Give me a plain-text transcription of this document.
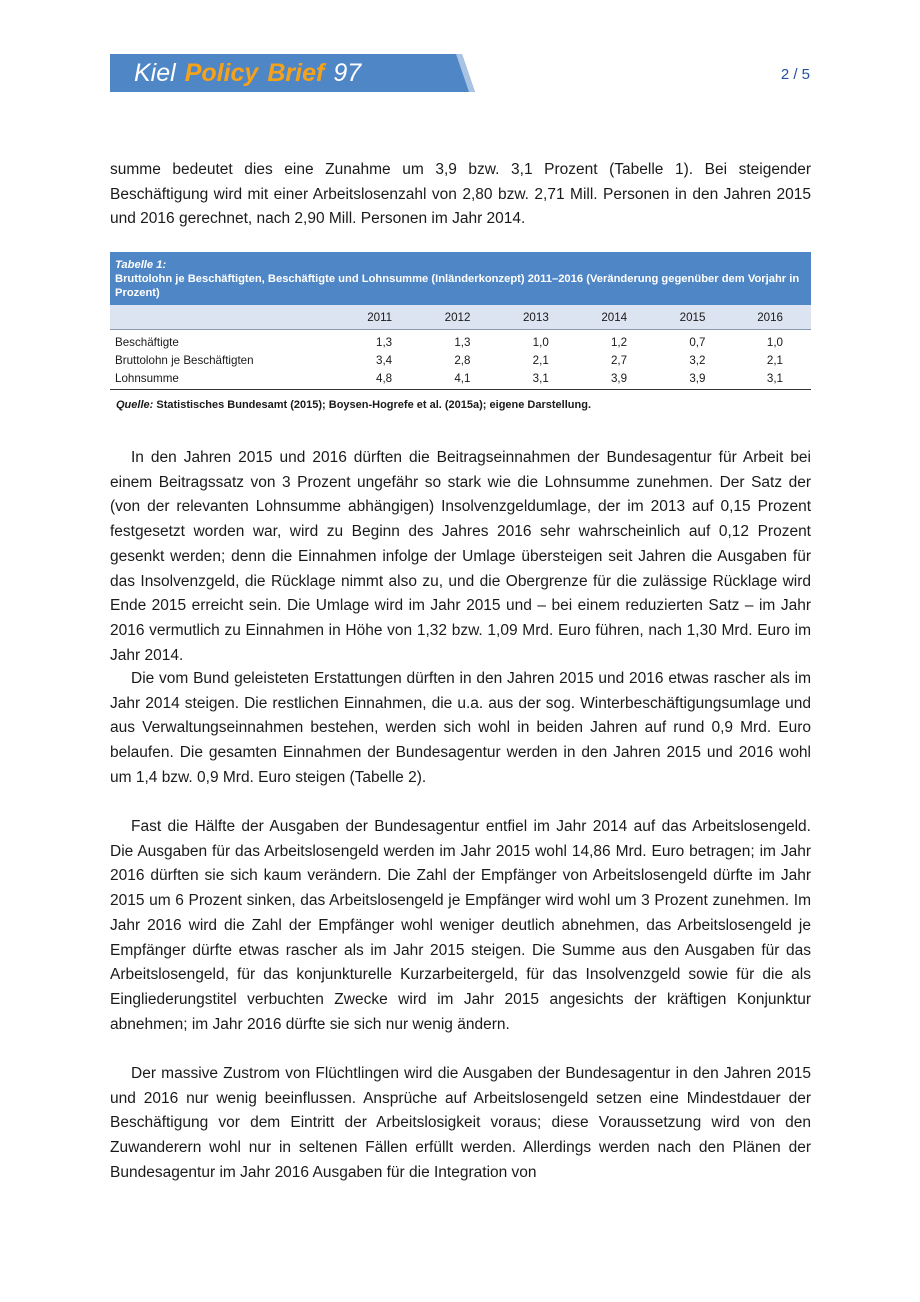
Kiel Policy Brief 97	2 / 5

summe bedeutet dies eine Zunahme um 3,9 bzw. 3,1 Prozent (Tabelle 1). Bei steigender Beschäftigung wird mit einer Arbeitslosenzahl von 2,80 bzw. 2,71 Mill. Personen in den Jahren 2015 und 2016 gerechnet, nach 2,90 Mill. Personen im Jahr 2014.

Tabelle 1:
Bruttolohn je Beschäftigten, Beschäftigte und Lohnsumme (Inländerkonzept) 2011–2016 (Veränderung gegenüber dem Vorjahr in Prozent)
	2011	2012	2013	2014	2015	2016
Beschäftigte	1,3	1,3	1,0	1,2	0,7	1,0
Bruttolohn je Beschäftigten	3,4	2,8	2,1	2,7	3,2	2,1
Lohnsumme	4,8	4,1	3,1	3,9	3,9	3,1
Quelle: Statistisches Bundesamt (2015); Boysen-Hogrefe et al. (2015a); eigene Darstellung.

In den Jahren 2015 und 2016 dürften die Beitragseinnahmen der Bundesagentur für Arbeit bei einem Beitragssatz von 3 Prozent ungefähr so stark wie die Lohnsumme zunehmen. Der Satz der (von der relevanten Lohnsumme abhängigen) Insolvenzgeldumlage, der im 2013 auf 0,15 Prozent festgesetzt worden war, wird zu Beginn des Jahres 2016 sehr wahrscheinlich auf 0,12 Prozent gesenkt werden; denn die Einnahmen infolge der Umlage übersteigen seit Jahren die Ausgaben für das Insolvenzgeld, die Rücklage nimmt also zu, und die Obergrenze für die zulässige Rücklage wird Ende 2015 erreicht sein. Die Umlage wird im Jahr 2015 und – bei einem reduzierten Satz – im Jahr 2016 vermutlich zu Einnahmen in Höhe von 1,32 bzw. 1,09 Mrd. Euro führen, nach 1,30 Mrd. Euro im Jahr 2014.

Die vom Bund geleisteten Erstattungen dürften in den Jahren 2015 und 2016 etwas rascher als im Jahr 2014 steigen. Die restlichen Einnahmen, die u.a. aus der sog. Winterbeschäftigungsumlage und aus Verwaltungseinnahmen bestehen, werden sich wohl in beiden Jahren auf rund 0,9 Mrd. Euro belaufen. Die gesamten Einnahmen der Bundesagentur werden in den Jahren 2015 und 2016 wohl um 1,4 bzw. 0,9 Mrd. Euro steigen (Tabelle 2).

Fast die Hälfte der Ausgaben der Bundesagentur entfiel im Jahr 2014 auf das Arbeitslosengeld. Die Ausgaben für das Arbeitslosengeld werden im Jahr 2015 wohl 14,86 Mrd. Euro betragen; im Jahr 2016 dürften sie sich kaum verändern. Die Zahl der Empfänger von Arbeitslosengeld dürfte im Jahr 2015 um 6 Prozent sinken, das Arbeitslosengeld je Empfänger wird wohl um 3 Prozent zunehmen. Im Jahr 2016 wird die Zahl der Empfänger wohl weniger deutlich abnehmen, das Arbeitslosengeld je Empfänger dürfte etwas rascher als im Jahr 2015 steigen. Die Summe aus den Ausgaben für das Arbeitslosengeld, für das konjunkturelle Kurzarbeitergeld, für das Insolvenzgeld sowie für die als Eingliederungstitel verbuchten Zwecke wird im Jahr 2015 angesichts der kräftigen Konjunktur abnehmen; im Jahr 2016 dürfte sie sich nur wenig ändern.

Der massive Zustrom von Flüchtlingen wird die Ausgaben der Bundesagentur in den Jahren 2015 und 2016 nur wenig beeinflussen. Ansprüche auf Arbeitslosengeld setzen eine Mindestdauer der Beschäftigung vor dem Eintritt der Arbeitslosigkeit voraus; diese Voraussetzung wird von den Zuwanderern wohl nur in seltenen Fällen erfüllt werden. Allerdings werden nach den Plänen der Bundesagentur im Jahr 2016 Ausgaben für die Integration von
